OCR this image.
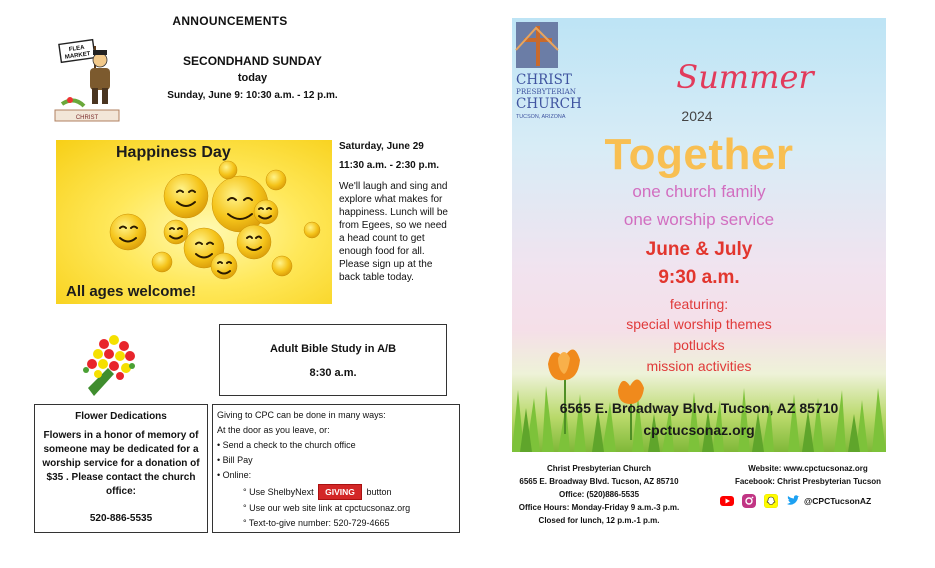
ANNOUNCEMENTS
CHRIST
FLEA
MARKET	SECONDHAND SUNDAY
today
Sunday, June 9: 10:30 a.m. - 12 p.m.
Happiness Day
All ages welcome!
Saturday, June 29
11:30 a.m. - 2:30 p.m.
We'll laugh and sing and explore what makes for happiness. Lunch will be from Egees, so we need a head count to get enough food for all. Please sign up at the back table today.
Adult Bible Study in A/B
8:30 a.m.
Flower Dedications
Flowers in a honor of memory of someone may be dedicated for a worship service for a donation of $35 . Please contact the church office:
520-886-5535
Giving to CPC can be done in many ways:
At the door as you leave, or:
• Send a check to the church office
• Bill Pay
• Online:
° Use ShelbyNext GIVING button
° Use our web site link at cpctucsonaz.org
° Text-to-give number: 520-729-4665
CHRIST
PRESBYTERIAN
CHURCH
TUCSON, ARIZONA
Summer
2024
Together
one church family
one worship service
June & July
9:30 a.m.
featuring:
special worship themes
potlucks
mission activities
6565 E. Broadway Blvd. Tucson, AZ 85710
cpctucsonaz.org
Christ Presbyterian Church
6565 E. Broadway Blvd. Tucson, AZ 85710
Office: (520)886-5535
Office Hours: Monday-Friday 9 a.m.-3 p.m.
Closed for lunch, 12 p.m.-1 p.m.
Website: www.cpctucsonaz.org
Facebook: Christ Presbyterian Tucson
@CPCTucsonAZ
